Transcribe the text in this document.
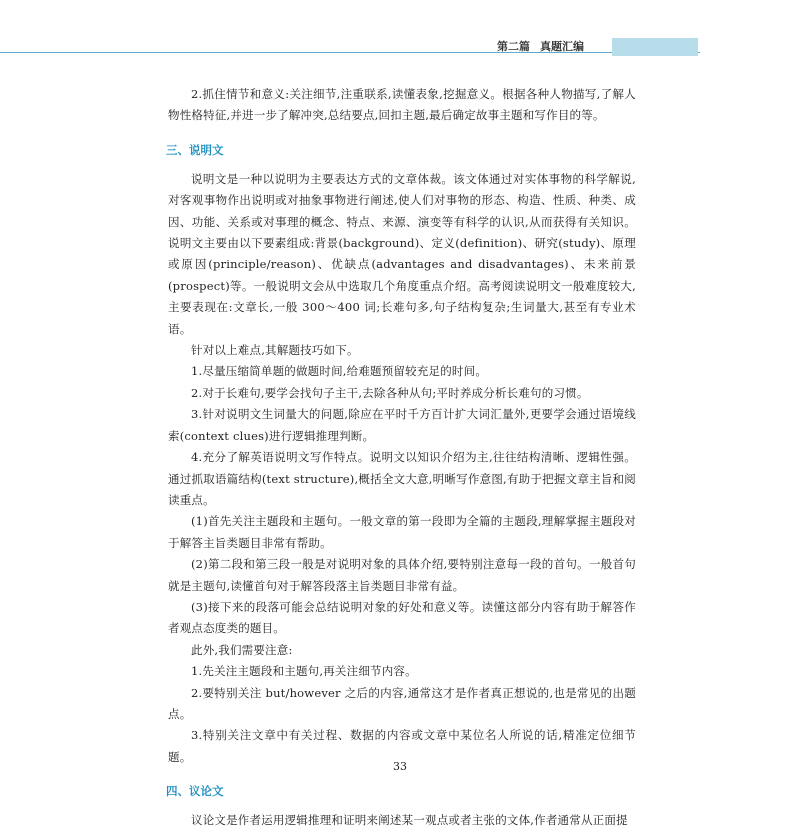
第二篇 真题汇编

2.抓住情节和意义:关注细节,注重联系,读懂表象,挖掘意义。根据各种人物描写,了解人物性格特征,并进一步了解冲突,总结要点,回扣主题,最后确定故事主题和写作目的等。

三、说明文

说明文是一种以说明为主要表达方式的文章体裁。该文体通过对实体事物的科学解说,对客观事物作出说明或对抽象事物进行阐述,使人们对事物的形态、构造、性质、种类、成因、功能、关系或对事理的概念、特点、来源、演变等有科学的认识,从而获得有关知识。说明文主要由以下要素组成:背景(background)、定义(definition)、研究(study)、原理或原因(principle/reason)、优缺点(advantages and disadvantages)、未来前景(prospect)等。一般说明文会从中选取几个角度重点介绍。高考阅读说明文一般难度较大,主要表现在:文章长,一般 300～400 词;长难句多,句子结构复杂;生词量大,甚至有专业术语。

针对以上难点,其解题技巧如下。

1.尽量压缩简单题的做题时间,给难题预留较充足的时间。

2.对于长难句,要学会找句子主干,去除各种从句;平时养成分析长难句的习惯。

3.针对说明文生词量大的问题,除应在平时千方百计扩大词汇量外,更要学会通过语境线索(context clues)进行逻辑推理判断。

4.充分了解英语说明文写作特点。说明文以知识介绍为主,往往结构清晰、逻辑性强。通过抓取语篇结构(text structure),概括全文大意,明晰写作意图,有助于把握文章主旨和阅读重点。

(1)首先关注主题段和主题句。一般文章的第一段即为全篇的主题段,理解掌握主题段对于解答主旨类题目非常有帮助。

(2)第二段和第三段一般是对说明对象的具体介绍,要特别注意每一段的首句。一般首句就是主题句,读懂首句对于解答段落主旨类题目非常有益。

(3)接下来的段落可能会总结说明对象的好处和意义等。读懂这部分内容有助于解答作者观点态度类的题目。

此外,我们需要注意:

1.先关注主题段和主题句,再关注细节内容。

2.要特别关注 but/however 之后的内容,通常这才是作者真正想说的,也是常见的出题点。

3.特别关注文章中有关过程、数据的内容或文章中某位名人所说的话,精准定位细节题。

四、议论文

议论文是作者运用逻辑推理和证明来阐述某一观点或者主张的文体,作者通常从正面提

33
